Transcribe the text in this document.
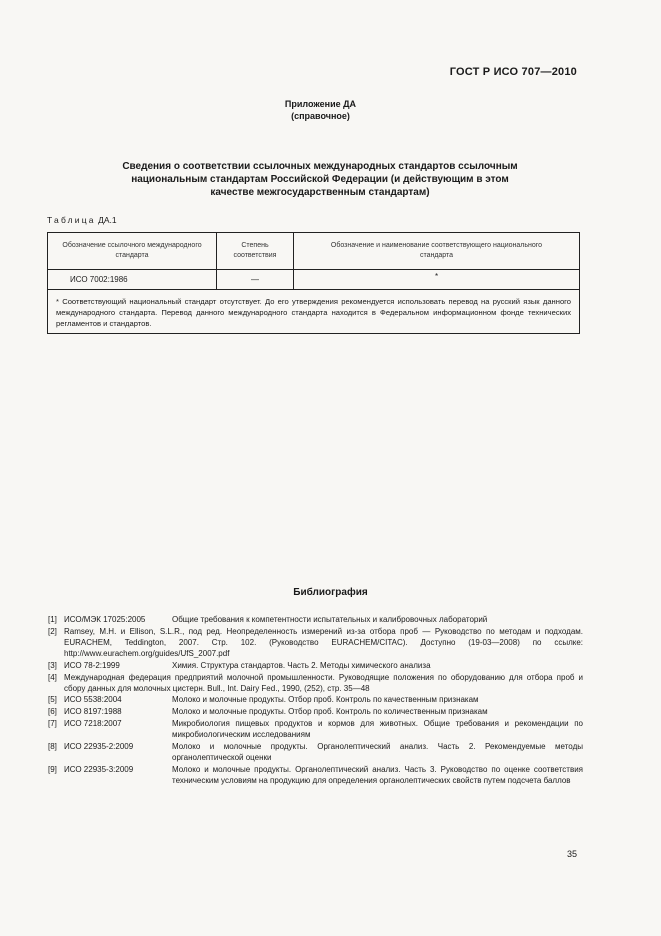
ГОСТ Р ИСО 707—2010
Приложение ДА
(справочное)
Сведения о соответствии ссылочных международных стандартов ссылочным
национальным стандартам Российской Федерации (и действующим в этом
качестве межгосударственным стандартам)
Таблица ДА.1
Обозначение ссылочного международного стандарта	Степень соответствия	Обозначение и наименование соответствующего национального стандарта
ИСО 7002:1986	—	*
* Соответствующий национальный стандарт отсутствует. До его утверждения рекомендуется использовать перевод на русский язык данного международного стандарта. Перевод данного международного стандарта находится в Федеральном информационном фонде технических регламентов и стандартов.		
Библиография
[1] ИСО/МЭК 17025:2005	Общие требования к компетентности испытательных и калибровочных лабораторий
[2] Ramsey, M.H. и Ellison, S.L.R., под ред. Неопределенность измерений из-за отбора проб — Руководство по методам и подходам. EURACHEM, Teddington, 2007. Стр. 102. (Руководство EURACHEM/CITAC). Доступно (19-03—2008) по ссылке: http://www.eurachem.org/guides/UfS_2007.pdf
[3] ИСО 78-2:1999	Химия. Структура стандартов. Часть 2. Методы химического анализа
[4] Международная федерация предприятий молочной промышленности. Руководящие положения по оборудованию для отбора проб и сбору данных для молочных цистерн. Bull., Int. Dairy Fed., 1990, (252), стр. 35—48
[5] ИСО 5538:2004	Молоко и молочные продукты. Отбор проб. Контроль по качественным признакам
[6] ИСО 8197:1988	Молоко и молочные продукты. Отбор проб. Контроль по количественным признакам
[7] ИСО 7218:2007	Микробиология пищевых продуктов и кормов для животных. Общие требования и рекомендации по микробиологическим исследованиям
[8] ИСО 22935-2:2009	Молоко и молочные продукты. Органолептический анализ. Часть 2. Рекомендуемые методы органолептической оценки
[9] ИСО 22935-3:2009	Молоко и молочные продукты. Органолептический анализ. Часть 3. Руководство по оценке соответствия техническим условиям на продукцию для определения органолептических свойств путем подсчета баллов
35
